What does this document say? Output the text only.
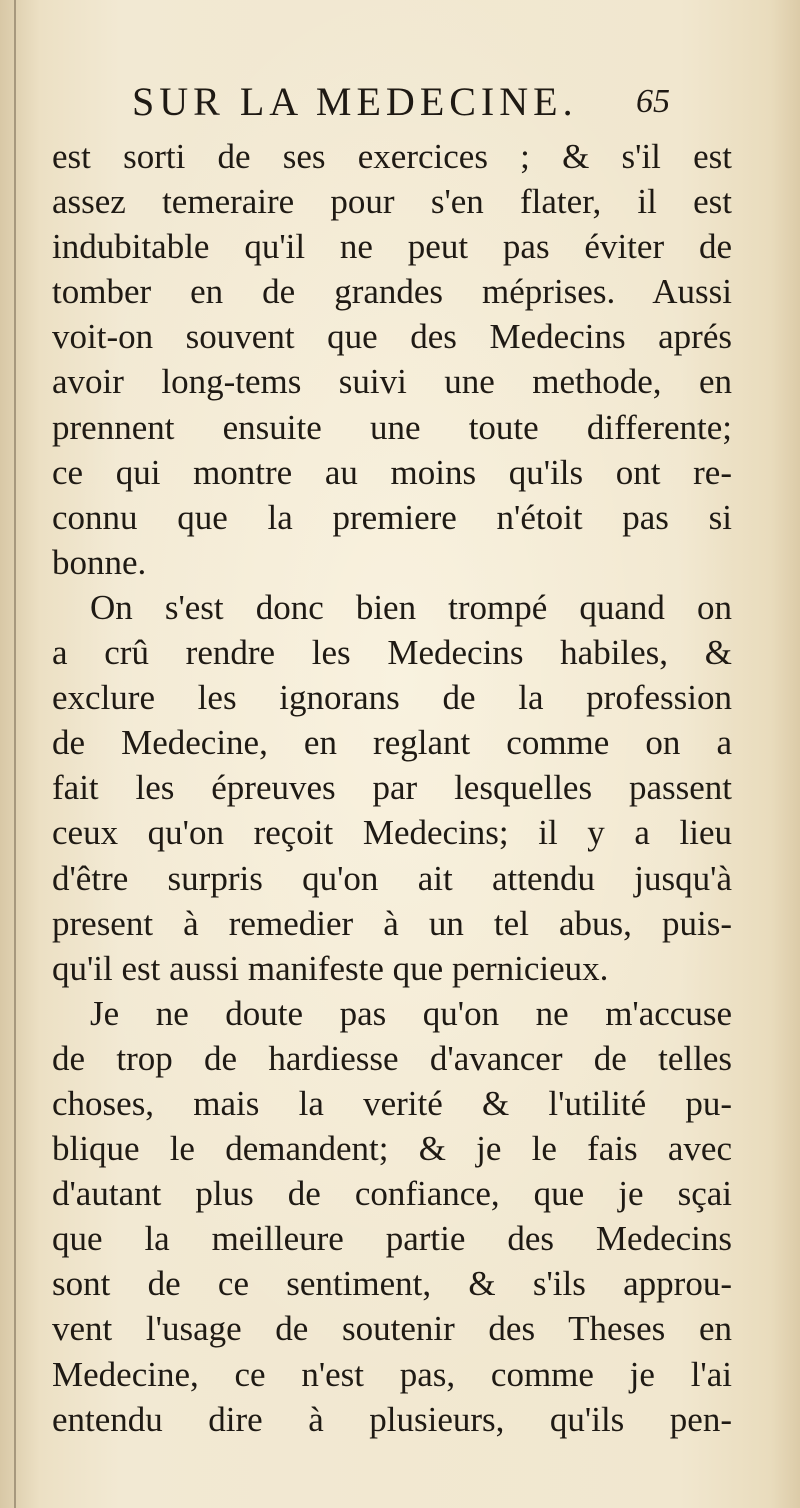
SUR LA MEDECINE. 65
est sorti de ses exercices ; & s'il est
assez temeraire pour s'en flater, il est
indubitable qu'il ne peut pas éviter de
tomber en de grandes méprises. Aussi
voit-on souvent que des Medecins aprés
avoir long-tems suivi une methode, en
prennent ensuite une toute differente;
ce qui montre au moins qu'ils ont re-
connu que la premiere n'étoit pas si
bonne.
On s'est donc bien trompé quand on
a crû rendre les Medecins habiles, &
exclure les ignorans de la profession
de Medecine, en reglant comme on a
fait les épreuves par lesquelles passent
ceux qu'on reçoit Medecins; il y a lieu
d'être surpris qu'on ait attendu jusqu'à
present à remedier à un tel abus, puis-
qu'il est aussi manifeste que pernicieux.
Je ne doute pas qu'on ne m'accuse
de trop de hardiesse d'avancer de telles
choses, mais la verité & l'utilité pu-
blique le demandent; & je le fais avec
d'autant plus de confiance, que je sçai
que la meilleure partie des Medecins
sont de ce sentiment, & s'ils approu-
vent l'usage de soutenir des Theses en
Medecine, ce n'est pas, comme je l'ai
entendu dire à plusieurs, qu'ils pen-
